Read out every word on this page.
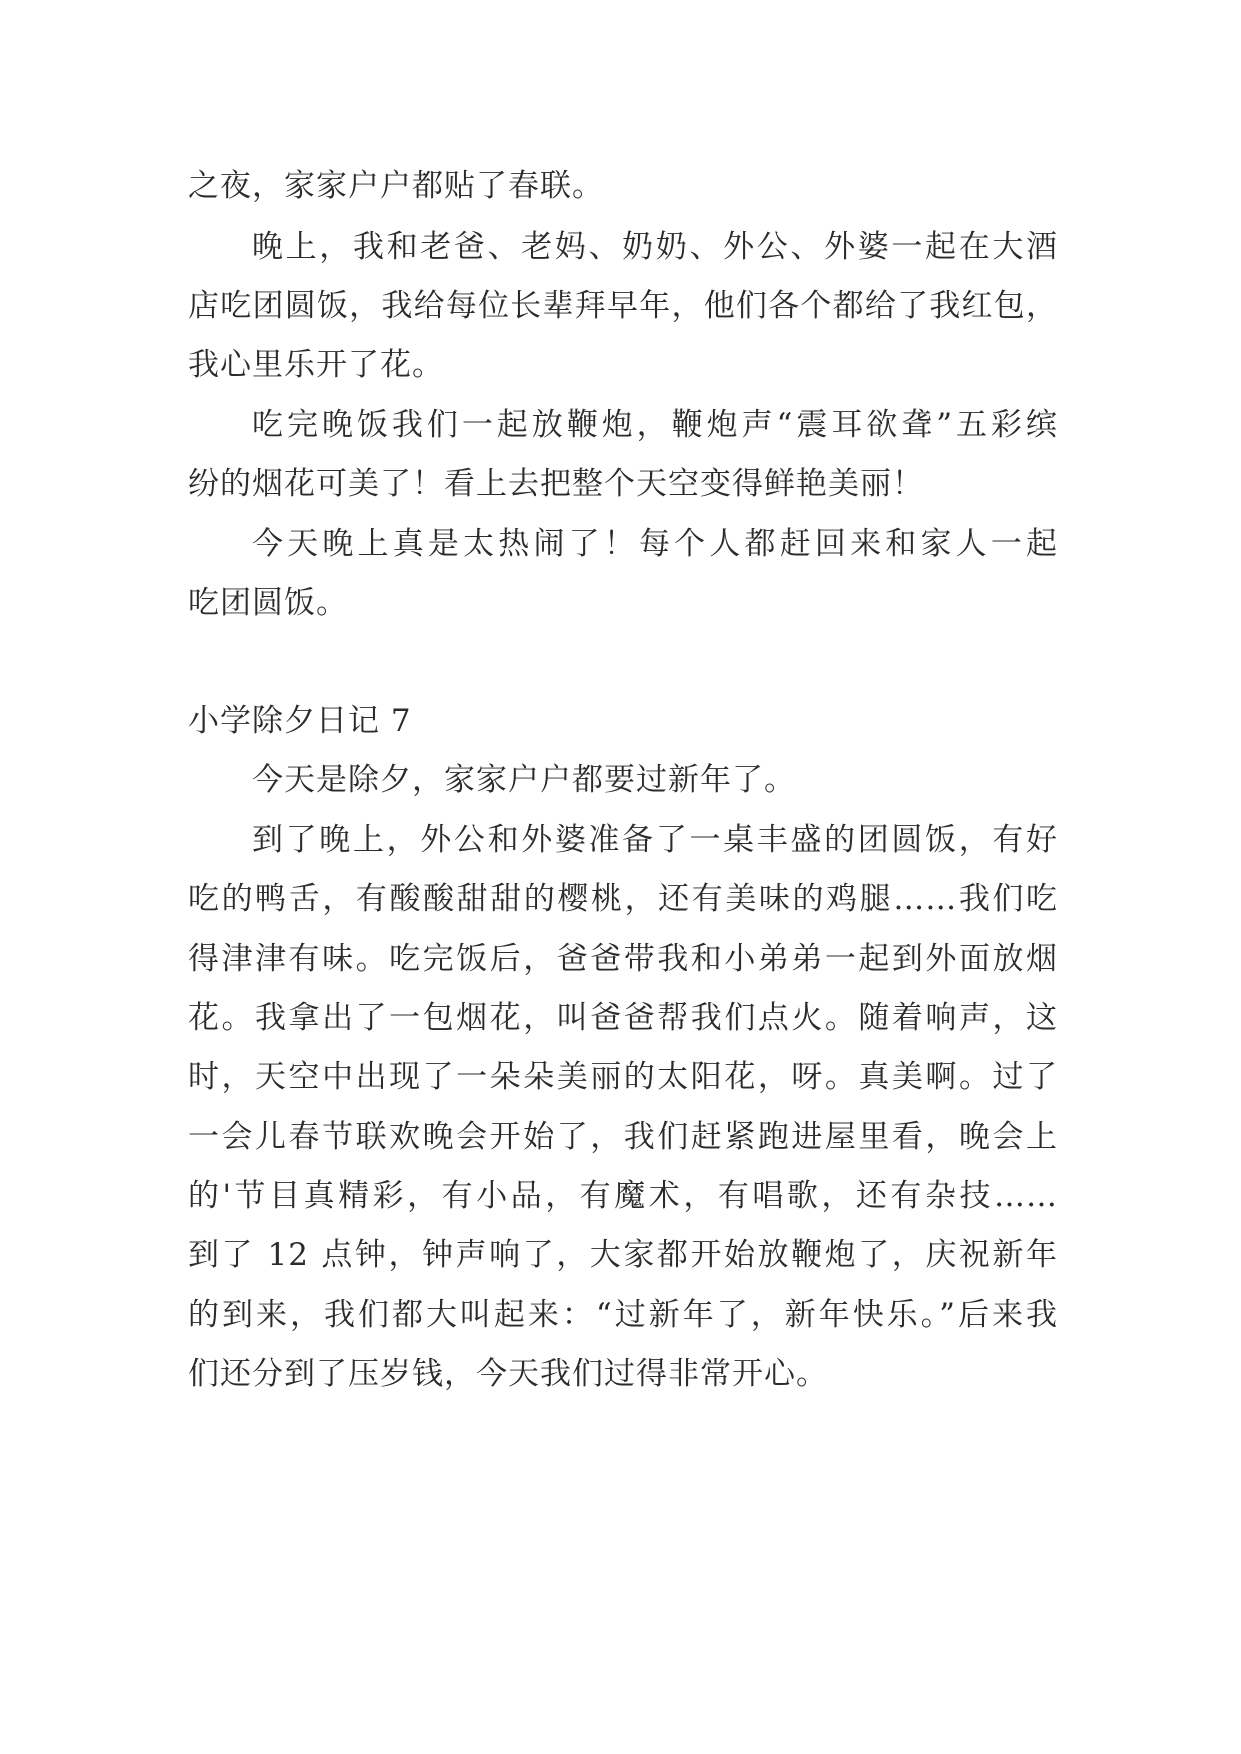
之夜，家家户户都贴了春联。
晚上，我和老爸、老妈、奶奶、外公、外婆一起在大酒
店吃团圆饭，我给每位长辈拜早年，他们各个都给了我红包，
我心里乐开了花。
吃完晚饭我们一起放鞭炮，鞭炮声“震耳欲聋”五彩缤
纷的烟花可美了！看上去把整个天空变得鲜艳美丽！
今天晚上真是太热闹了！每个人都赶回来和家人一起
吃团圆饭。
小学除夕日记 7
今天是除夕，家家户户都要过新年了。
到了晚上，外公和外婆准备了一桌丰盛的团圆饭，有好
吃的鸭舌，有酸酸甜甜的樱桃，还有美味的鸡腿……我们吃
得津津有味。吃完饭后，爸爸带我和小弟弟一起到外面放烟
花。我拿出了一包烟花，叫爸爸帮我们点火。随着响声，这
时，天空中出现了一朵朵美丽的太阳花，呀。真美啊。过了
一会儿春节联欢晚会开始了，我们赶紧跑进屋里看，晚会上
的'节目真精彩，有小品，有魔术，有唱歌，还有杂技……
到了 12 点钟，钟声响了，大家都开始放鞭炮了，庆祝新年
的到来，我们都大叫起来：“过新年了，新年快乐。”后来我
们还分到了压岁钱，今天我们过得非常开心。
